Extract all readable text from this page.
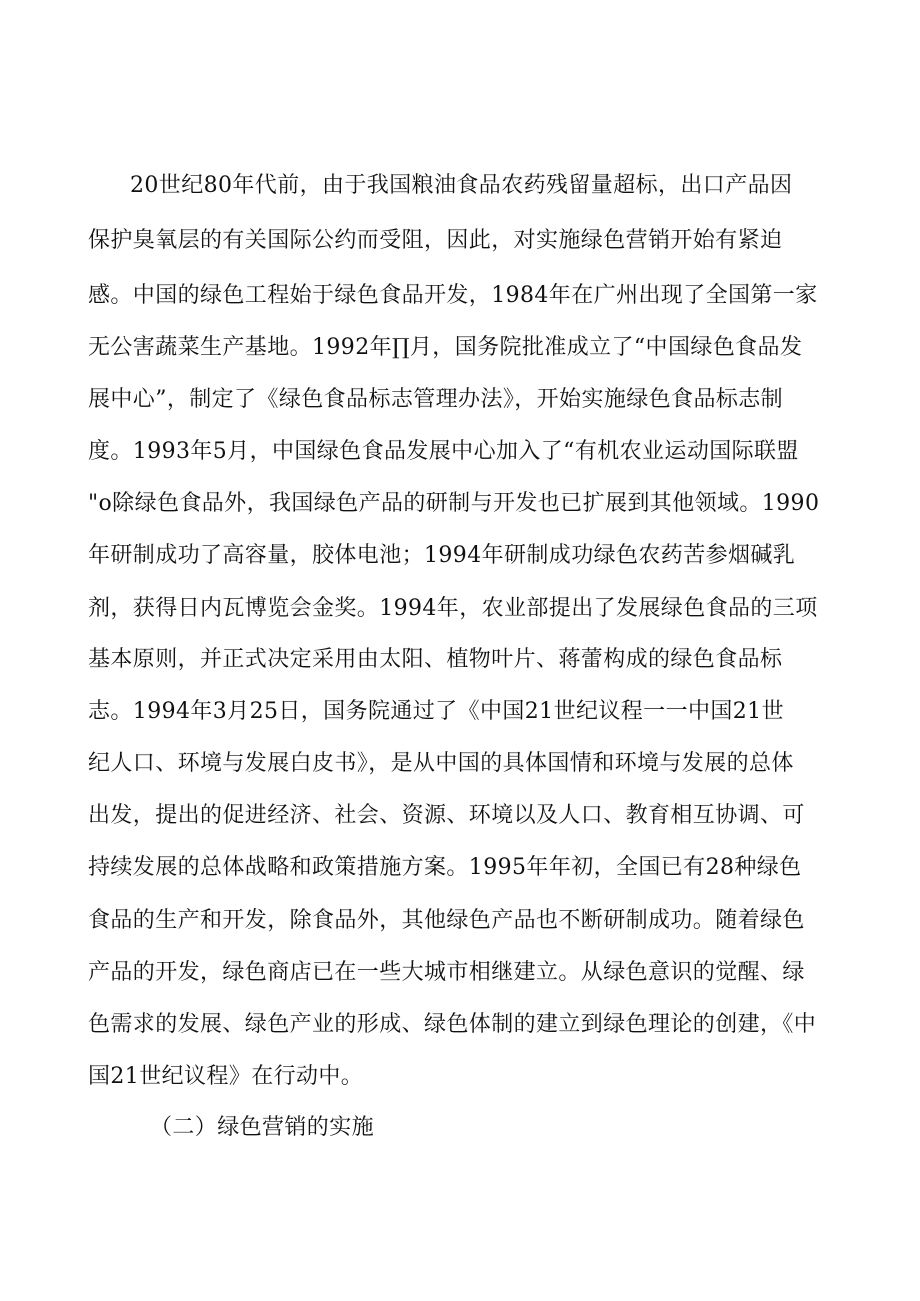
20世纪80年代前，由于我国粮油食品农药残留量超标，出口产品因
保护臭氧层的有关国际公约而受阻，因此，对实施绿色营销开始有紧迫
感。中国的绿色工程始于绿色食品开发，1984年在广州出现了全国第一家
无公害蔬菜生产基地。1992年∏月，国务院批准成立了“中国绿色食品发
展中心”，制定了《绿色食品标志管理办法》，开始实施绿色食品标志制
度。1993年5月，中国绿色食品发展中心加入了“有机农业运动国际联盟
"o除绿色食品外，我国绿色产品的研制与开发也已扩展到其他领域。1990
年研制成功了高容量，胶体电池；1994年研制成功绿色农药苦参烟碱乳
剂，获得日内瓦博览会金奖。1994年，农业部提出了发展绿色食品的三项
基本原则，并正式决定采用由太阳、植物叶片、蒋蕾构成的绿色食品标
志。1994年3月25日，国务院通过了《中国21世纪议程一一中国21世
纪人口、环境与发展白皮书》，是从中国的具体国情和环境与发展的总体
出发，提出的促进经济、社会、资源、环境以及人口、教育相互协调、可
持续发展的总体战略和政策措施方案。1995年年初，全国已有28种绿色
食品的生产和开发，除食品外，其他绿色产品也不断研制成功。随着绿色
产品的开发，绿色商店已在一些大城市相继建立。从绿色意识的觉醒、绿
色需求的发展、绿色产业的形成、绿色体制的建立到绿色理论的创建，《中
国21世纪议程》在行动中。
（二）绿色营销的实施
